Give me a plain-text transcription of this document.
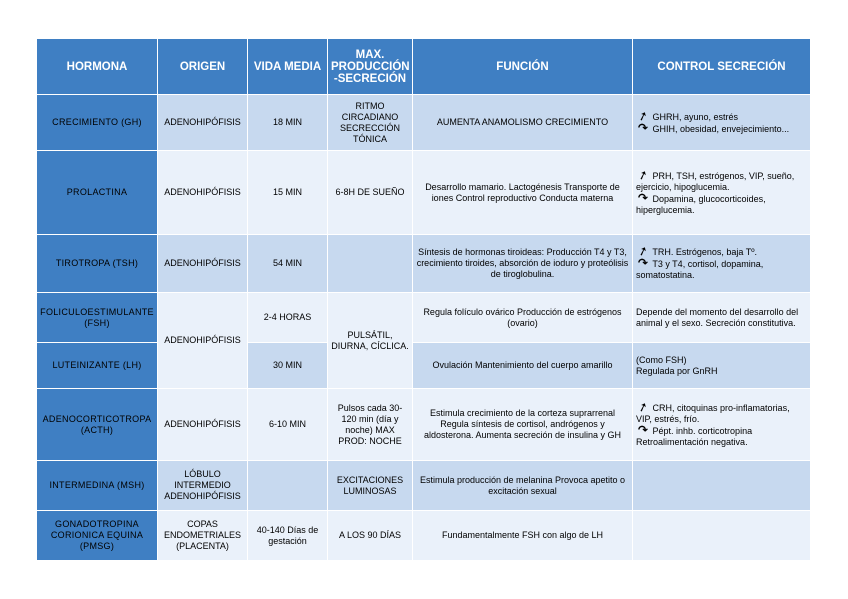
HORMONA	ORIGEN	VIDA MEDIA	MAX. PRODUCCIÓN -SECRECIÓN	FUNCIÓN	CONTROL SECRECIÓN
CRECIMIENTO (GH)	ADENOHIPÓFISIS	18 MIN	RITMO CIRCADIANO SECRECCIÓN TÓNICA	AUMENTA ANAMOLISMO CRECIMIENTO	➚ GHRH, ayuno, estrés
↷ GHIH, obesidad, envejecimiento...

PROLACTINA	ADENOHIPÓFISIS	15 MIN	6-8H DE SUEÑO	Desarrollo mamario. Lactogénesis Transporte de iones Control reproductivo Conducta materna	➚ PRH, TSH, estrógenos, VIP, sueño, ejercicio, hipoglucemia.
↷ Dopamina, glucocorticoides, hiperglucemia.

TIROTROPA (TSH)	ADENOHIPÓFISIS	54 MIN		Síntesis de hormonas tiroideas: Producción T4 y T3, crecimiento tiroides, absorción de ioduro y proteólisis de tiroglobulina.	➚ TRH. Estrógenos, baja Tº.
↷ T3 y T4, cortisol, dopamina, somatostatina.

FOLICULOESTIMULANTE (FSH)	ADENOHIPÓFISIS	2-4 HORAS	PULSÁTIL, DIURNA, CÍCLICA.	Regula folículo ovárico Producción de estrógenos (ovario)	Depende del momento del desarrollo del animal y el sexo. Secreción constitutiva.
LUTEINIZANTE (LH)		30 MIN		Ovulación Mantenimiento del cuerpo amarillo	(Como FSH)
Regulada por GnRH

ADENOCORTICOTROPA (ACTH)	ADENOHIPÓFISIS	6-10 MIN	Pulsos cada 30-120 min (día y noche) MAX PROD: NOCHE	Estimula crecimiento de la corteza suprarrenal Regula síntesis de cortisol, andrógenos y aldosterona. Aumenta secreción de insulina y GH	➚ CRH, citoquinas pro-inflamatorias, VIP, estrés, frío.
↷ Pépt. inhb. corticotropina Retroalimentación negativa.

INTERMEDINA (MSH)	LÓBULO INTERMEDIO ADENOHIPÓFISIS		EXCITACIONES LUMINOSAS	Estimula producción de melanina Provoca apetito o excitación sexual	
GONADOTROPINA CORIONICA EQUINA (PMSG)	COPAS ENDOMETRIALES (PLACENTA)	40-140 Días de gestación	A LOS 90 DÍAS	Fundamentalmente FSH con algo de LH	
